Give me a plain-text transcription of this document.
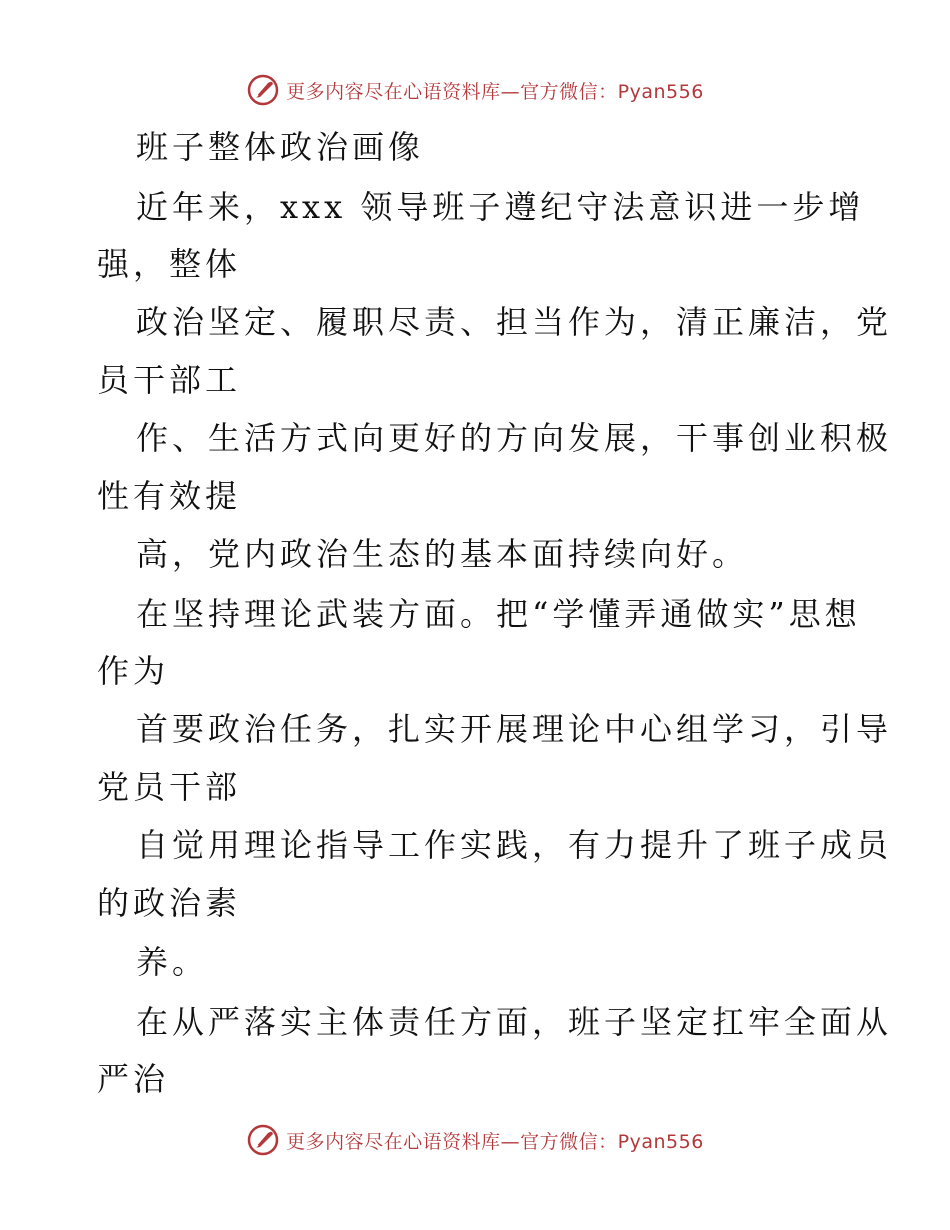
更多内容尽在心语资料库—官方微信：Pyan556
班子整体政治画像
近年来，xxx 领导班子遵纪守法意识进一步增
强，整体
政治坚定、履职尽责、担当作为，清正廉洁，党
员干部工
作、生活方式向更好的方向发展，干事创业积极
性有效提
高，党内政治生态的基本面持续向好。
在坚持理论武装方面。把“学懂弄通做实”思想
作为
首要政治任务，扎实开展理论中心组学习，引导
党员干部
自觉用理论指导工作实践，有力提升了班子成员
的政治素
养。
在从严落实主体责任方面，班子坚定扛牢全面从
严治
更多内容尽在心语资料库—官方微信：Pyan556
